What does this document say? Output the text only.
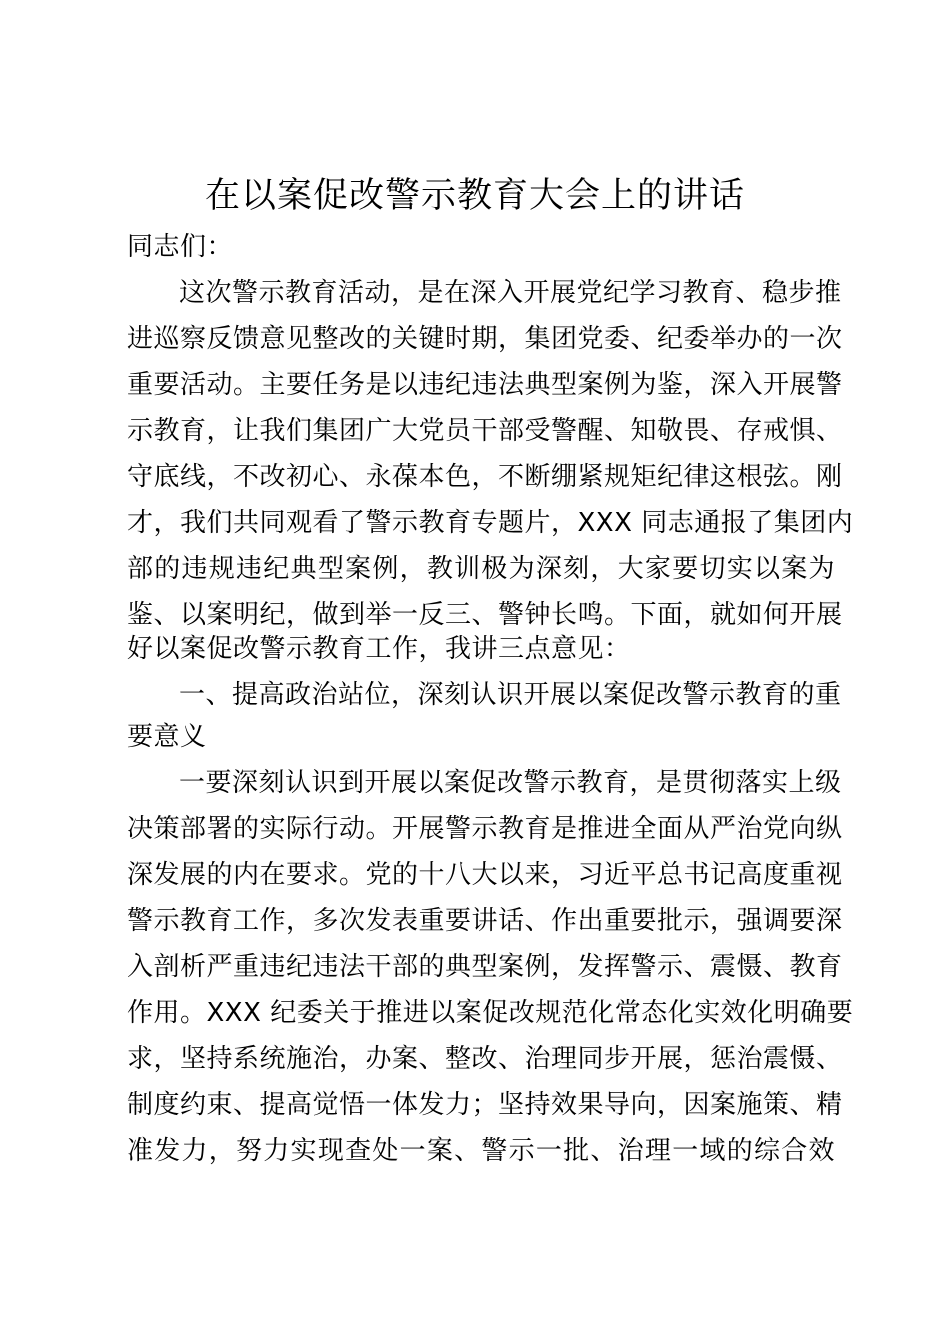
在以案促改警示教育大会上的讲话
同志们：
这次警示教育活动，是在深入开展党纪学习教育、稳步推
进巡察反馈意见整改的关键时期，集团党委、纪委举办的一次
重要活动。主要任务是以违纪违法典型案例为鉴，深入开展警
示教育，让我们集团广大党员干部受警醒、知敬畏、存戒惧、
守底线，不改初心、永葆本色，不断绷紧规矩纪律这根弦。刚
才，我们共同观看了警示教育专题片，XXX 同志通报了集团内
部的违规违纪典型案例，教训极为深刻，大家要切实以案为
鉴、以案明纪，做到举一反三、警钟长鸣。下面，就如何开展
好以案促改警示教育工作，我讲三点意见：
一、提高政治站位，深刻认识开展以案促改警示教育的重
要意义
一要深刻认识到开展以案促改警示教育，是贯彻落实上级
决策部署的实际行动。开展警示教育是推进全面从严治党向纵
深发展的内在要求。党的十八大以来，习近平总书记高度重视
警示教育工作，多次发表重要讲话、作出重要批示，强调要深
入剖析严重违纪违法干部的典型案例，发挥警示、震慑、教育
作用。XXX 纪委关于推进以案促改规范化常态化实效化明确要
求，坚持系统施治，办案、整改、治理同步开展，惩治震慑、
制度约束、提高觉悟一体发力；坚持效果导向，因案施策、精
准发力，努力实现查处一案、警示一批、治理一域的综合效
